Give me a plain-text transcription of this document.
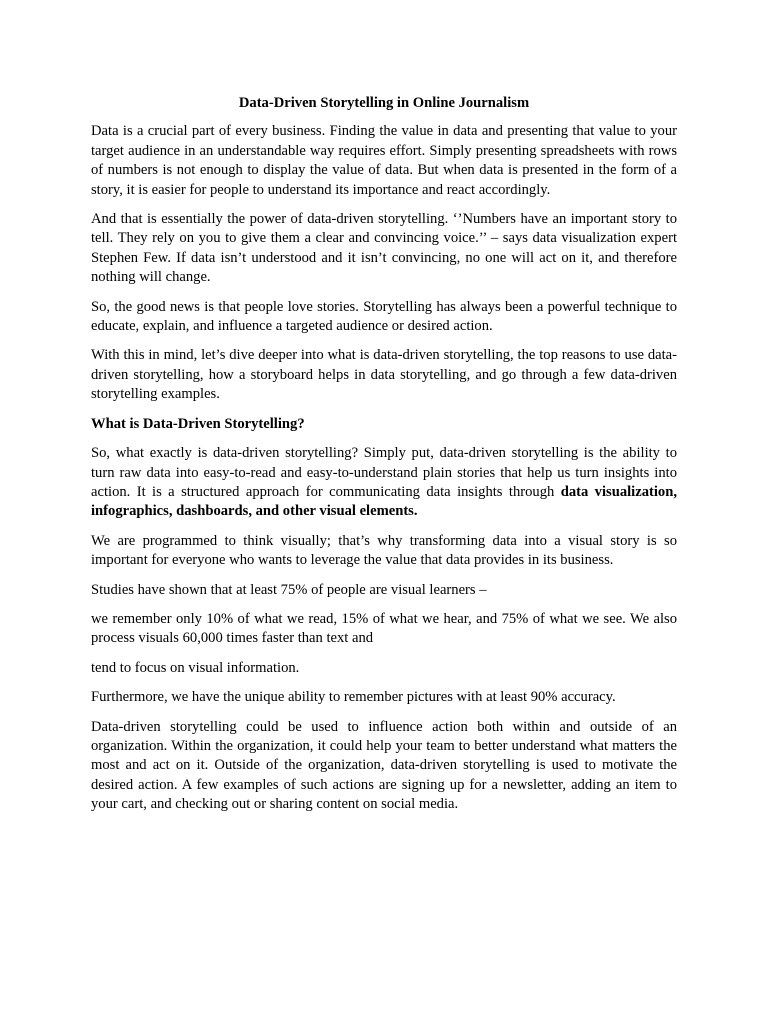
Data-Driven Storytelling in Online Journalism

Data is a crucial part of every business. Finding the value in data and presenting that value to your target audience in an understandable way requires effort. Simply presenting spreadsheets with rows of numbers is not enough to display the value of data. But when data is presented in the form of a story, it is easier for people to understand its importance and react accordingly.

And that is essentially the power of data-driven storytelling. ‘’Numbers have an important story to tell. They rely on you to give them a clear and convincing voice.’’ – says data visualization expert Stephen Few. If data isn’t understood and it isn’t convincing, no one will act on it, and therefore nothing will change.

So, the good news is that people love stories. Storytelling has always been a powerful technique to educate, explain, and influence a targeted audience or desired action.

With this in mind, let’s dive deeper into what is data-driven storytelling, the top reasons to use data-driven storytelling, how a storyboard helps in data storytelling, and go through a few data-driven storytelling examples.

What is Data-Driven Storytelling?

So, what exactly is data-driven storytelling? Simply put, data-driven storytelling is the ability to turn raw data into easy-to-read and easy-to-understand plain stories that help us turn insights into action. It is a structured approach for communicating data insights through data visualization, infographics, dashboards, and other visual elements.

We are programmed to think visually; that’s why transforming data into a visual story is so important for everyone who wants to leverage the value that data provides in its business.

Studies have shown that at least 75% of people are visual learners –

we remember only 10% of what we read, 15% of what we hear, and 75% of what we see. We also process visuals 60,000 times faster than text and

tend to focus on visual information.

Furthermore, we have the unique ability to remember pictures with at least 90% accuracy.

Data-driven storytelling could be used to influence action both within and outside of an organization. Within the organization, it could help your team to better understand what matters the most and act on it. Outside of the organization, data-driven storytelling is used to motivate the desired action. A few examples of such actions are signing up for a newsletter, adding an item to your cart, and checking out or sharing content on social media.
